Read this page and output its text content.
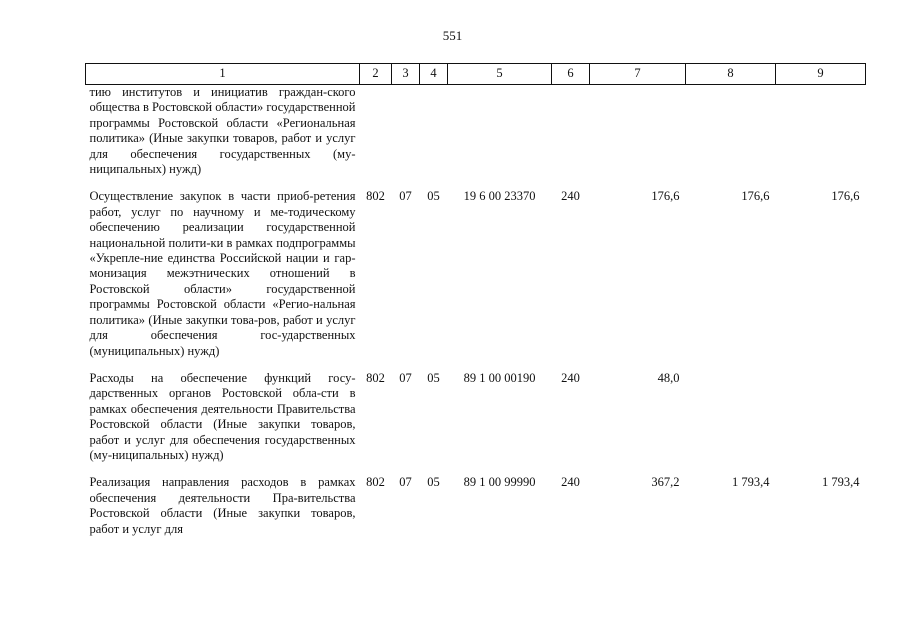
551
1	2	3	4	5	6	7	8	9
тию институтов и инициатив граждан-ского общества в Ростовской области» государственной программы Ростовской области «Региональная политика» (Иные закупки товаров, работ и услуг для обеспечения государственных (му-ниципальных) нужд)								
Осуществление закупок в части приоб-ретения работ, услуг по научному и ме-тодическому обеспечению реализации государственной национальной полити-ки в рамках подпрограммы «Укрепле-ние единства Российской нации и гар-монизация межэтнических отношений в Ростовской области» государственной программы Ростовской области «Регио-нальная политика» (Иные закупки това-ров, работ и услуг для обеспечения гос-ударственных (муниципальных) нужд)	802	07	05	19 6 00 23370	240	176,6	176,6	176,6
Расходы на обеспечение функций госу-дарственных органов Ростовской обла-сти в рамках обеспечения деятельности Правительства Ростовской области (Иные закупки товаров, работ и услуг для обеспечения государственных (му-ниципальных) нужд)	802	07	05	89 1 00 00190	240	48,0		
Реализация направления расходов в рамках обеспечения деятельности Пра-вительства Ростовской области (Иные закупки товаров, работ и услуг для	802	07	05	89 1 00 99990	240	367,2	1 793,4	1 793,4
